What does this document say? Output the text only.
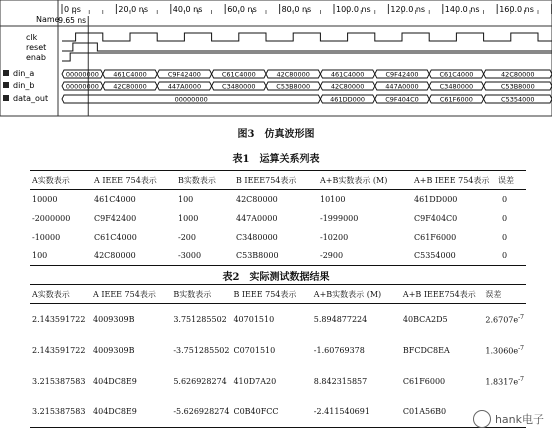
Name
0 ps	20.0 ns	40.0 ns	60.0 ns	80.0 ns	100.0 ns 120.0 ns 140.0 ns 160.0 ns
9.65 ns
clk
reset
enab
din_a
din_b
data_out
00000000 461C4000	C9F42400	C61C4000	42C80000	461C4000	C9F42400	C61C4000	42C80000
00000000 42C80000	447A0000	C3480000	C53B8000	42C80000	447A0000	C3480000	C53B8000
00000000	461DD000	C9F404C0	C61F6000	C5354000
图3　仿真波形图
表1　运算关系列表
A实数表示	A IEEE 754表示	B实数表示	B IEEE754表示	A+B实数表示 (M)	A+B IEEE 754表示	误差
10000	461C4000	100	42C80000	10100	461DD000	0
-2000000	C9F42400	1000	447A0000	-1999000	C9F404C0	0
-10000	C61C4000	-200	C3480000	-10200	C61F6000	0
100	42C80000	-3000	C53B8000	-2900	C5354000	0
表2　实际测试数据结果
A实数表示	A IEEE 754表示	B实数表示	B IEEE 754表示	A+B实数表示 (M)	A+B IEEE754表示	误差
2.143591722	4009309B	3.751285502	40701510	5.894877224	40BCA2D5	$2.6707e^{-7}$
2.143591722	4009309B	-3.751285502	C0701510	-1.60769378	BFCDC8EA	$1.3060e^{-7}$
3.215387583	404DC8E9	5.626928274	410D7A20	8.842315857	C61F6000	$1.8317e^{-7}$
3.215387583	404DC8E9	-5.626928274	C0B40FCC	-2.411540691	C01A56B0	
hank电子
